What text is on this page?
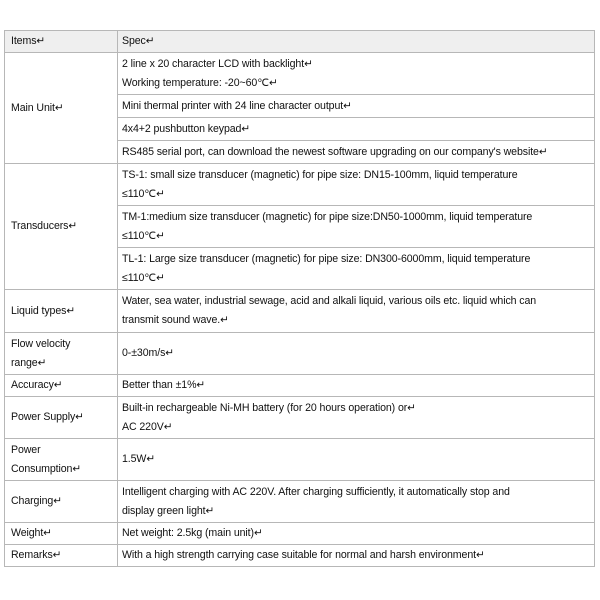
Items↵	Spec↵
Main Unit↵	2 line x 20 character LCD with backlight↵
Working temperature: -20~60℃↵

	Mini thermal printer with 24 line character output↵

	4x4+2 pushbutton keypad↵

	RS485 serial port, can download the newest software upgrading on our company's website↵

Transducers↵	TS-1: small size transducer (magnetic) for pipe size: DN15-100mm, liquid temperature
≤110℃↵

	TM-1:medium size transducer (magnetic) for pipe size:DN50-1000mm, liquid temperature
≤110℃↵

	TL-1: Large size transducer (magnetic) for pipe size: DN300-6000mm, liquid temperature
≤110℃↵

Liquid types↵	Water, sea water, industrial sewage, acid and alkali liquid, various oils etc. liquid which can
transmit sound wave.↵

Flow velocity
range↵	0-±30m/s↵

Accuracy↵	Better than ±1%↵

Power Supply↵	Built-in rechargeable Ni-MH battery (for 20 hours operation) or↵
AC 220V↵

Power
Consumption↵	1.5W↵

Charging↵	Intelligent charging with AC 220V. After charging sufficiently, it automatically stop and
display green light↵

Weight↵	Net weight: 2.5kg (main unit)↵

Remarks↵	With a high strength carrying case suitable for normal and harsh environment↵
